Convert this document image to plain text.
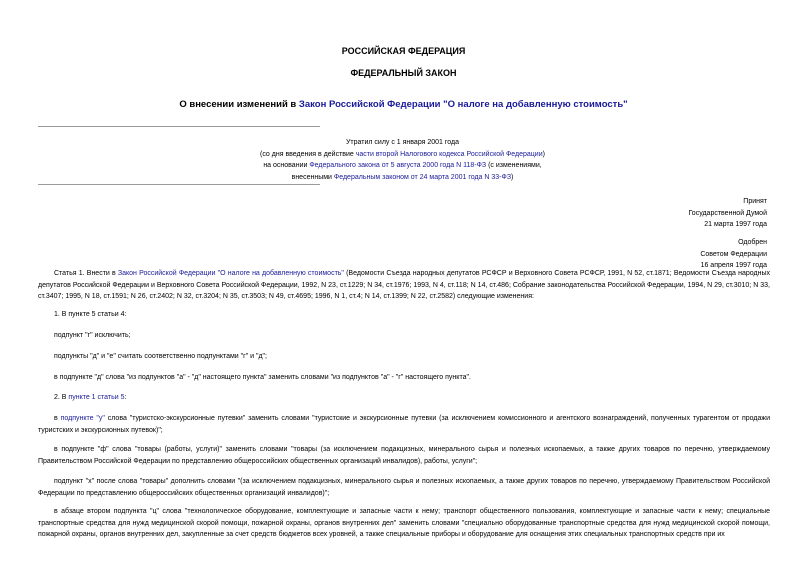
РОССИЙСКАЯ ФЕДЕРАЦИЯ
ФЕДЕРАЛЬНЫЙ ЗАКОН
О внесении изменений в Закон Российской Федерации "О налоге на добавленную стоимость"
Утратил силу с 1 января 2001 года
(со дня введения в действие части второй Налогового кодекса Российской Федерации)
на основании Федерального закона от 5 августа 2000 года N 118-ФЗ (с изменениями,
внесенными Федеральным законом от 24 марта 2001 года N 33-ФЗ)
Принят
Государственной Думой
21 марта 1997 года
Одобрен
Советом Федерации
16 апреля 1997 года
Статья 1. Внести в Закон Российской Федерации "О налоге на добавленную стоимость" (Ведомости Съезда народных депутатов РСФСР и Верховного Совета РСФСР, 1991, N 52, ст.1871; Ведомости Съезда народных депутатов Российской Федерации и Верховного Совета Российской Федерации, 1992, N 23, ст.1229; N 34, ст.1976; 1993, N 4, ст.118; N 14, ст.486; Собрание законодательства Российской Федерации, 1994, N 29, ст.3010; N 33, ст.3407; 1995, N 18, ст.1591; N 26, ст.2402; N 32, ст.3204; N 35, ст.3503; N 49, ст.4695; 1996, N 1, ст.4; N 14, ст.1399; N 22, ст.2582) следующие изменения:
1. В пункте 5 статьи 4:
подпункт "г" исключить;
подпункты "д" и "е" считать соответственно подпунктами "г" и "д";
в подпункте "д" слова "из подпунктов "а" - "д" настоящего пункта" заменить словами "из подпунктов "а" - "г" настоящего пункта".
2. В пункте 1 статьи 5:
в подпункте "у" слова "туристско-экскурсионные путевки" заменить словами "туристские и экскурсионные путевки (за исключением комиссионного и агентского вознаграждений, полученных турагентом от продажи туристских и экскурсионных путевок)";
в подпункте "ф" слова "товары (работы, услуги)" заменить словами "товары (за исключением подакцизных, минерального сырья и полезных ископаемых, а также других товаров по перечню, утверждаемому Правительством Российской Федерации по представлению общероссийских общественных организаций инвалидов), работы, услуги";
подпункт "х" после слова "товары" дополнить словами "(за исключением подакцизных, минерального сырья и полезных ископаемых, а также других товаров по перечню, утверждаемому Правительством Российской Федерации по представлению общероссийских общественных организаций инвалидов)";
в абзаце втором подпункта "ц" слова "технологическое оборудование, комплектующие и запасные части к нему; транспорт общественного пользования, комплектующие и запасные части к нему; специальные транспортные средства для нужд медицинской скорой помощи, пожарной охраны, органов внутренних дел" заменить словами "специально оборудованные транспортные средства для нужд медицинской скорой помощи, пожарной охраны, органов внутренних дел, закупленные за счет средств бюджетов всех уровней, а также специальные приборы и оборудование для оснащения этих специальных транспортных средств при их
